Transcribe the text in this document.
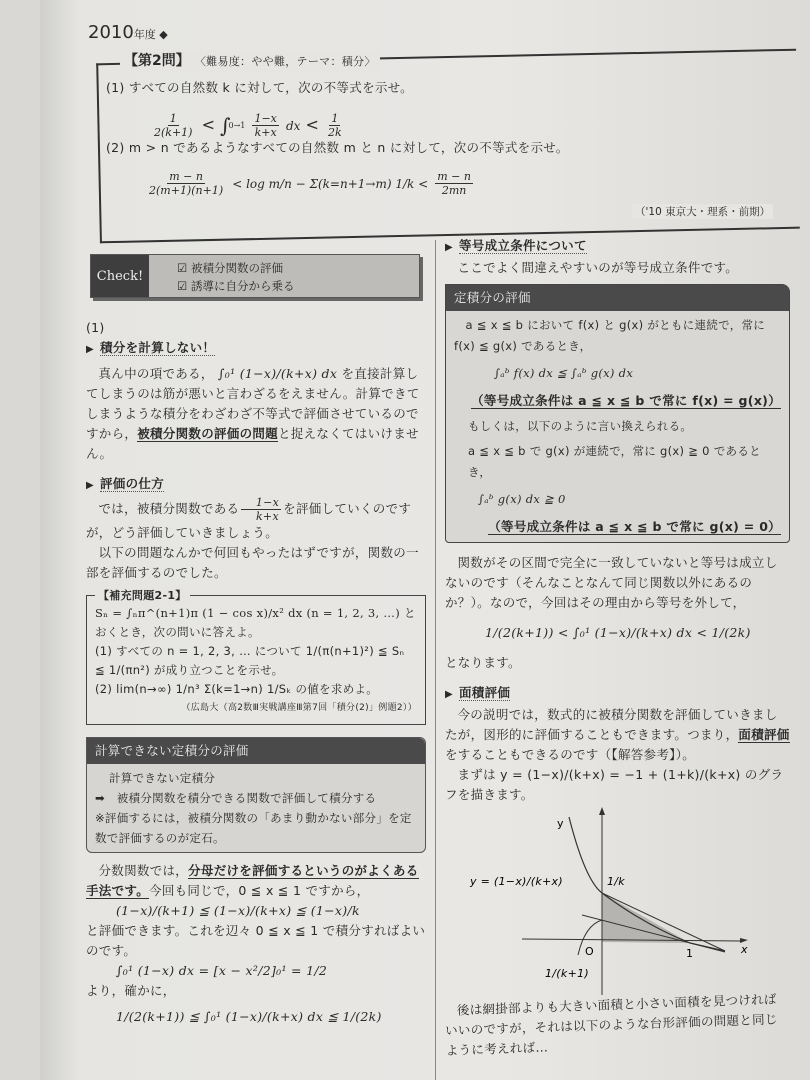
2010年度 ◆
【第2問】 〈難易度：やや難，テーマ：積分〉
(1) すべての自然数 k に対して，次の不等式を示せ。
$\frac{1}{2(k+1)} < \int 0\to 1 \frac{1-x}{k+x}$ dx < $\frac{1}{2k}$
(2) m > n であるようなすべての自然数 m と n に対して，次の不等式を示せ。
$\frac{m - n}{2(m+1)(n+1)} < \log m/n - \Sigma(k=n+1\to m) 1/k < \frac{m - n}{2mn}$
（'10 東京大・理系・前期）
Check!
☑ 被積分関数の評価
☑ 誘導に自分から乗る
(1)
▶ 積分を計算しない！

真ん中の項である， ∫₀¹ (1−x)/(k+x) dx を直接計算してしまうのは筋が悪いと言わざるをえません。計算できてしまうような積分をわざわざ不等式で評価させているのですから，被積分関数の評価の問題と捉えなくてはいけません。

▶ 評価の仕方

では，被積分関数である $\frac{1-x}{k+x}$ を評価していくのですが，どう評価していきましょう。

以下の問題なんかで何回もやったはずですが，関数の一部を評価するのでした。

【補充問題2-1】
Sₙ = ∫ₙπ^(n+1)π (1 − cos x)/x² dx (n = 1, 2, 3, …) とおくとき，次の問いに答えよ。
(1) すべての n = 1, 2, 3, … について 1/(π(n+1)²) ≦ Sₙ ≦ 1/(πn²) が成り立つことを示せ。
(2) lim(n→∞) 1/n³ Σ(k=1→n) 1/Sₖ の値を求めよ。
（広島大（高2数Ⅲ実戦講座Ⅲ第7回「積分(2)」例題2））
計算できない定積分の評価
計算できない定積分
➡　被積分関数を積分できる関数で評価して積分する
※評価するには，被積分関数の「あまり動かない部分」を定数で評価するのが定石。

分数関数では，分母だけを評価するというのがよくある手法です。今回も同じで，0 ≦ x ≦ 1 ですから，

(1−x)/(k+1) ≦ (1−x)/(k+x) ≦ (1−x)/k

と評価できます。これを辺々 0 ≦ x ≦ 1 で積分すればよいのです。

∫₀¹ (1−x) dx = [x − x²/2]₀¹ = 1/2

より，確かに，

1/(2(k+1)) ≦ ∫₀¹ (1−x)/(k+x) dx ≦ 1/(2k)
▶ 等号成立条件について

ここでよく間違えやすいのが等号成立条件です。

定積分の評価
a ≦ x ≦ b において f(x) と g(x) がともに連続で，常に f(x) ≦ g(x) であるとき，
∫ₐᵇ f(x) dx ≦ ∫ₐᵇ g(x) dx
（等号成立条件は a ≦ x ≦ b で常に f(x) = g(x)）
もしくは，以下のように言い換えられる。
a ≦ x ≦ b で g(x) が連続で，常に g(x) ≧ 0 であるとき，
∫ₐᵇ g(x) dx ≧ 0
（等号成立条件は a ≦ x ≦ b で常に g(x) = 0）

関数がその区間で完全に一致していないと等号は成立しないのです（そんなことなんて同じ関数以外にあるのか？）。なので，今回はその理由から等号を外して，

1/(2(k+1)) < ∫₀¹ (1−x)/(k+x) dx < 1/(2k)

となります。

▶ 面積評価

今の説明では，数式的に被積分関数を評価していきましたが，図形的に評価することもできます。つまり，面積評価をすることもできるのです（【解答参考】）。

まずは y = (1−x)/(k+x) = −1 + (1+k)/(k+x) のグラフを描きます。

y
x
O	1
y = (1−x)/(k+x)	1/k
1/(k+1)

後は網掛部よりも大きい面積と小さい面積を見つければいいのですが，それは以下のような台形評価の問題と同じように考えれば…
